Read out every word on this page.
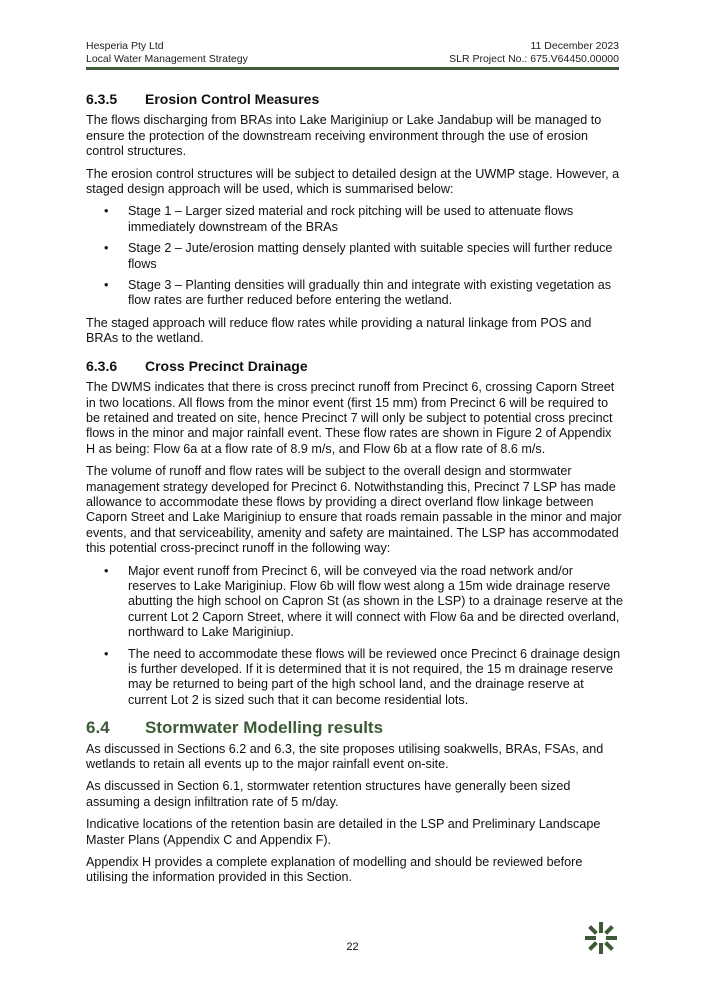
Hesperia Pty Ltd	11 December 2023
Local Water Management Strategy	SLR Project No.: 675.V64450.00000
6.3.5	Erosion Control Measures

The flows discharging from BRAs into Lake Mariginiup or Lake Jandabup will be managed to ensure the protection of the downstream receiving environment through the use of erosion control structures.

The erosion control structures will be subject to detailed design at the UWMP stage. However, a staged design approach will be used, which is summarised below:

• Stage 1 – Larger sized material and rock pitching will be used to attenuate flows immediately downstream of the BRAs
• Stage 2 – Jute/erosion matting densely planted with suitable species will further reduce flows
• Stage 3 – Planting densities will gradually thin and integrate with existing vegetation as flow rates are further reduced before entering the wetland.

The staged approach will reduce flow rates while providing a natural linkage from POS and BRAs to the wetland.

6.3.6	Cross Precinct Drainage

The DWMS indicates that there is cross precinct runoff from Precinct 6, crossing Caporn Street in two locations. All flows from the minor event (first 15 mm) from Precinct 6 will be required to be retained and treated on site, hence Precinct 7 will only be subject to potential cross precinct flows in the minor and major rainfall event. These flow rates are shown in Figure 2 of Appendix H as being: Flow 6a at a flow rate of 8.9 m/s, and Flow 6b at a flow rate of 8.6 m/s.

The volume of runoff and flow rates will be subject to the overall design and stormwater management strategy developed for Precinct 6. Notwithstanding this, Precinct 7 LSP has made allowance to accommodate these flows by providing a direct overland flow linkage between Caporn Street and Lake Mariginiup to ensure that roads remain passable in the minor and major events, and that serviceability, amenity and safety are maintained. The LSP has accommodated this potential cross-precinct runoff in the following way:

• Major event runoff from Precinct 6, will be conveyed via the road network and/or reserves to Lake Mariginiup. Flow 6b will flow west along a 15m wide drainage reserve abutting the high school on Capron St (as shown in the LSP) to a drainage reserve at the current Lot 2 Caporn Street, where it will connect with Flow 6a and be directed overland, northward to Lake Mariginiup.
• The need to accommodate these flows will be reviewed once Precinct 6 drainage design is further developed. If it is determined that it is not required, the 15 m drainage reserve may be returned to being part of the high school land, and the drainage reserve at current Lot 2 is sized such that it can become residential lots.
6.4	Stormwater Modelling results

As discussed in Sections 6.2 and 6.3, the site proposes utilising soakwells, BRAs, FSAs, and wetlands to retain all events up to the major rainfall event on-site.

As discussed in Section 6.1, stormwater retention structures have generally been sized assuming a design infiltration rate of 5 m/day.

Indicative locations of the retention basin are detailed in the LSP and Preliminary Landscape Master Plans (Appendix C and Appendix F).

Appendix H provides a complete explanation of modelling and should be reviewed before utilising the information provided in this Section.

22
